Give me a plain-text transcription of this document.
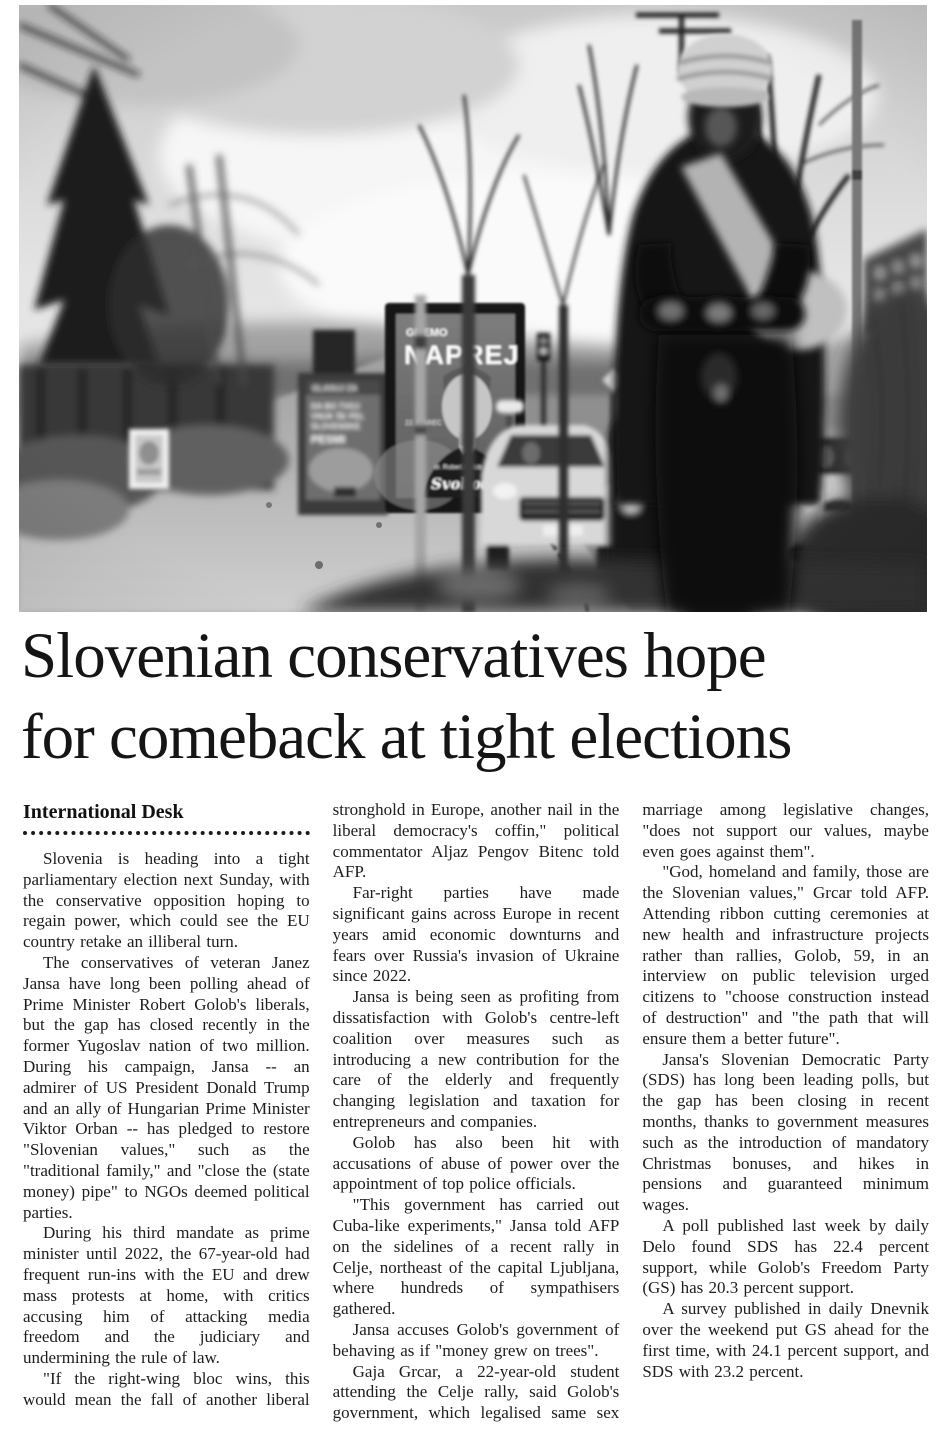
Slovenian conservatives hope
for comeback at tight elections
International Desk

Slovenia is heading into a tight parliamentary election next Sunday, with the conservative opposition hoping to regain power, which could see the EU country retake an illiberal turn.

The conservatives of veteran Janez Jansa have long been polling ahead of Prime Minister Robert Golob's liberals, but the gap has closed recently in the former Yugoslav nation of two million. During his campaign, Jansa -- an admirer of US President Donald Trump and an ally of Hungarian Prime Minister Viktor Orban -- has pledged to restore "Slovenian values," such as the "traditional family," and "close the (state money) pipe" to NGOs deemed political parties.

During his third mandate as prime minister until 2022, the 67-year-old had frequent run-ins with the EU and drew mass protests at home, with critics accusing him of attacking media freedom and the judiciary and undermining the rule of law.

"If the right-wing bloc wins, this would mean the fall of another liberal stronghold in Europe, another nail in the liberal democracy's coffin," political commentator Aljaz Pengov Bitenc told AFP.

Far-right parties have made significant gains across Europe in recent years amid economic downturns and fears over Russia's invasion of Ukraine since 2022.

Jansa is being seen as profiting from dissatisfaction with Golob's centre-left coalition over measures such as introducing a new contribution for the care of the elderly and frequently changing legislation and taxation for entrepreneurs and companies.

Golob has also been hit with accusations of abuse of power over the appointment of top police officials.

"This government has carried out Cuba-like experiments," Jansa told AFP on the sidelines of a recent rally in Celje, northeast of the capital Ljubljana, where hundreds of sympathisers gathered.

Jansa accuses Golob's government of behaving as if "money grew on trees".

Gaja Grcar, a 22-year-old student attending the Celje rally, said Golob's government, which legalised same sex marriage among legislative changes, "does not support our values, maybe even goes against them".

"God, homeland and family, those are the Slovenian values," Grcar told AFP. Attending ribbon cutting ceremonies at new health and infrastructure projects rather than rallies, Golob, 59, in an interview on public television urged citizens to "choose construction instead of destruction" and "the path that will ensure them a better future".

Jansa's Slovenian Democratic Party (SDS) has long been leading polls, but the gap has been closing in recent months, thanks to government measures such as the introduction of mandatory Christmas bonuses, and hikes in pensions and guaranteed minimum wages.

A poll published last week by daily Delo found SDS has 22.4 percent support, while Golob's Freedom Party (GS) has 20.3 percent support.

A survey published in daily Dnevnik over the weekend put GS ahead for the first time, with 24.1 percent support, and SDS with 23.2 percent.
